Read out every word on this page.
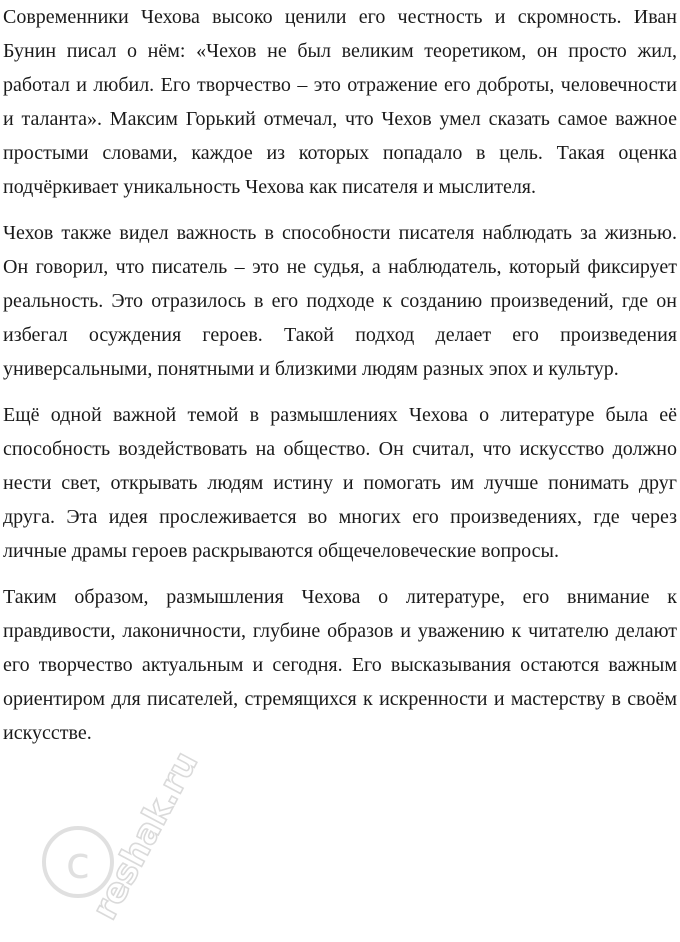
Современники Чехова высоко ценили его честность и скромность. Иван Бунин писал о нём: «Чехов не был великим теоретиком, он просто жил, работал и любил. Его творчество – это отражение его доброты, человечности и таланта». Максим Горький отмечал, что Чехов умел сказать самое важное простыми словами, каждое из которых попадало в цель. Такая оценка подчёркивает уникальность Чехова как писателя и мыслителя.

Чехов также видел важность в способности писателя наблюдать за жизнью. Он говорил, что писатель – это не судья, а наблюдатель, который фиксирует реальность. Это отразилось в его подходе к созданию произведений, где он избегал осуждения героев. Такой подход делает его произведения универсальными, понятными и близкими людям разных эпох и культур.

Ещё одной важной темой в размышлениях Чехова о литературе была её способность воздействовать на общество. Он считал, что искусство должно нести свет, открывать людям истину и помогать им лучше понимать друг друга. Эта идея прослеживается во многих его произведениях, где через личные драмы героев раскрываются общечеловеческие вопросы.

Таким образом, размышления Чехова о литературе, его внимание к правдивости, лаконичности, глубине образов и уважению к читателю делают его творчество актуальным и сегодня. Его высказывания остаются важным ориентиром для писателей, стремящихся к искренности и мастерству в своём искусстве.

c
reshak.ru
